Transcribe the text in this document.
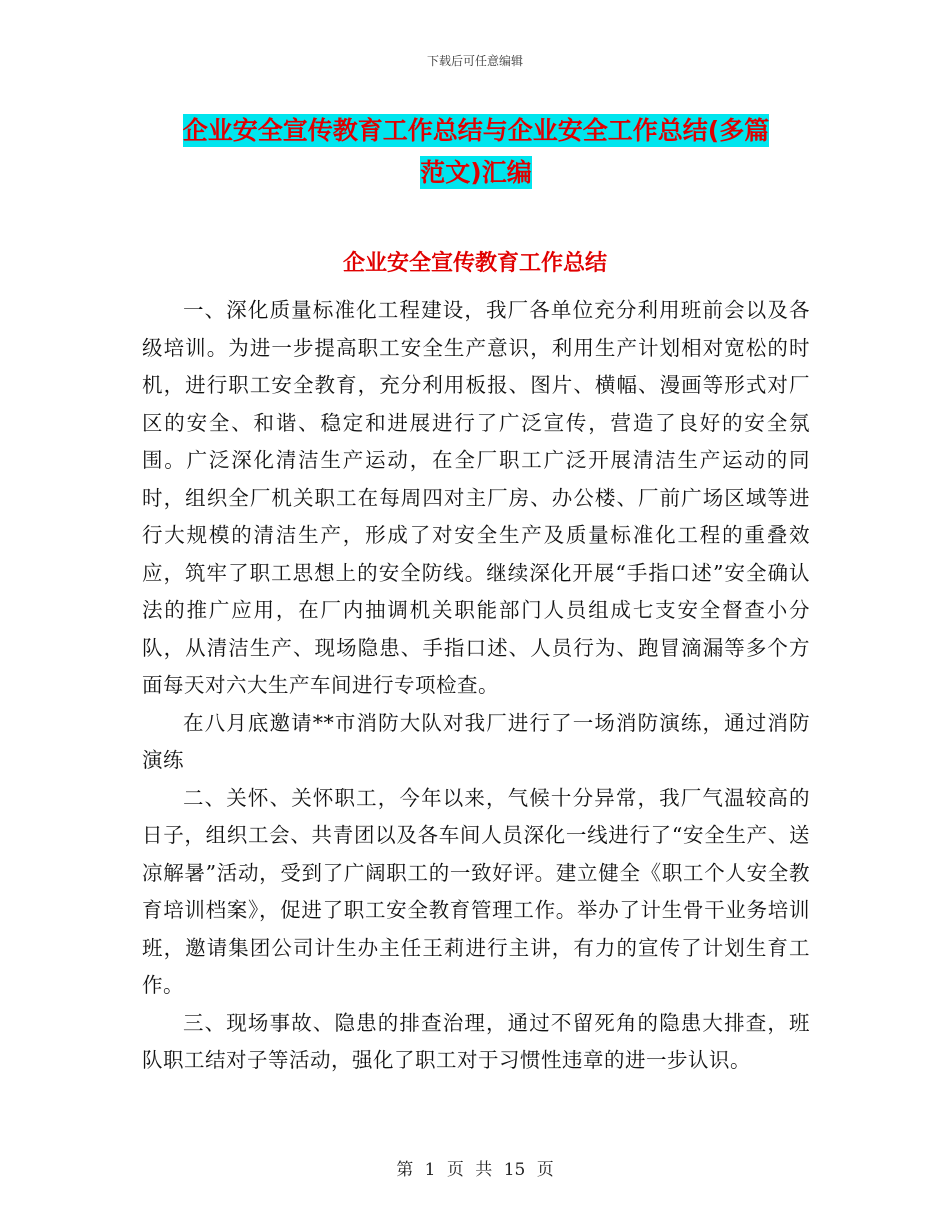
下载后可任意编辑
企业安全宣传教育工作总结与企业安全工作总结(多篇
范文)汇编
企业安全宣传教育工作总结

一、深化质量标准化工程建设，我厂各单位充分利用班前会以及各级培训。为进一步提高职工安全生产意识，利用生产计划相对宽松的时机，进行职工安全教育，充分利用板报、图片、横幅、漫画等形式对厂区的安全、和谐、稳定和进展进行了广泛宣传，营造了良好的安全氛围。广泛深化清洁生产运动，在全厂职工广泛开展清洁生产运动的同时，组织全厂机关职工在每周四对主厂房、办公楼、厂前广场区域等进行大规模的清洁生产，形成了对安全生产及质量标准化工程的重叠效应，筑牢了职工思想上的安全防线。继续深化开展“手指口述”安全确认法的推广应用，在厂内抽调机关职能部门人员组成七支安全督查小分队，从清洁生产、现场隐患、手指口述、人员行为、跑冒滴漏等多个方面每天对六大生产车间进行专项检查。

在八月底邀请**市消防大队对我厂进行了一场消防演练，通过消防演练

二、关怀、关怀职工，今年以来，气候十分异常，我厂气温较高的日子，组织工会、共青团以及各车间人员深化一线进行了“安全生产、送凉解暑”活动，受到了广阔职工的一致好评。建立健全《职工个人安全教育培训档案》，促进了职工安全教育管理工作。举办了计生骨干业务培训班，邀请集团公司计生办主任王莉进行主讲，有力的宣传了计划生育工作。

三、现场事故、隐患的排查治理，通过不留死角的隐患大排查，班队职工结对子等活动，强化了职工对于习惯性违章的进一步认识。

第 1 页 共 15 页
